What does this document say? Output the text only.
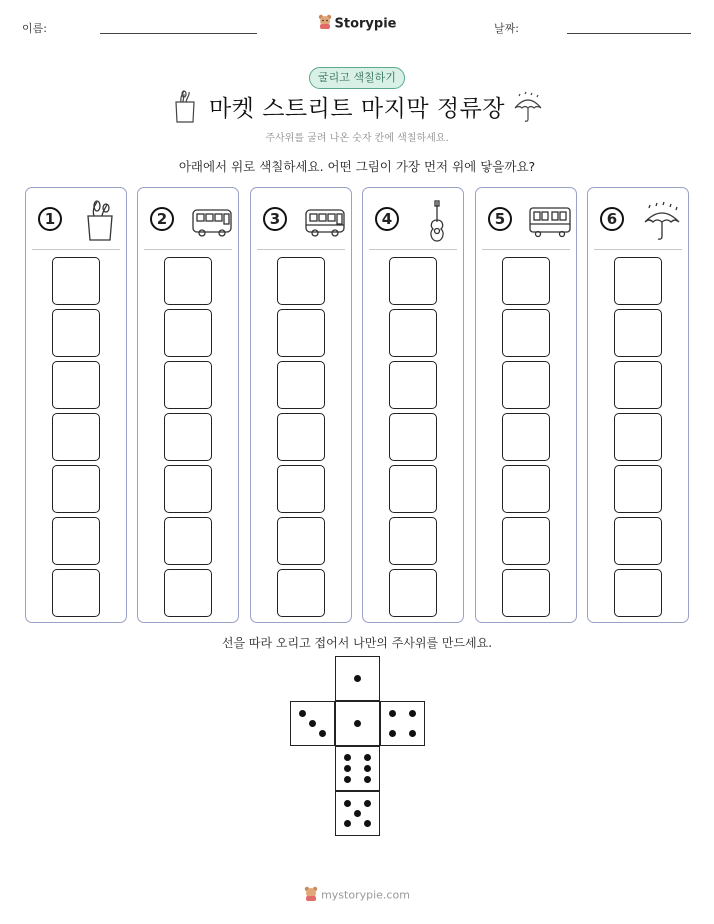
이름:	날짜:
Storypie
굴리고 색칠하기
마켓 스트리트 마지막 정류장
주사위를 굴려 나온 숫자 칸에 색칠하세요.
아래에서 위로 색칠하세요. 어떤 그림이 가장 먼저 위에 닿을까요?
1	2	3	4	5	6
선을 따라 오리고 접어서 나만의 주사위를 만드세요.
mystorypie.com
